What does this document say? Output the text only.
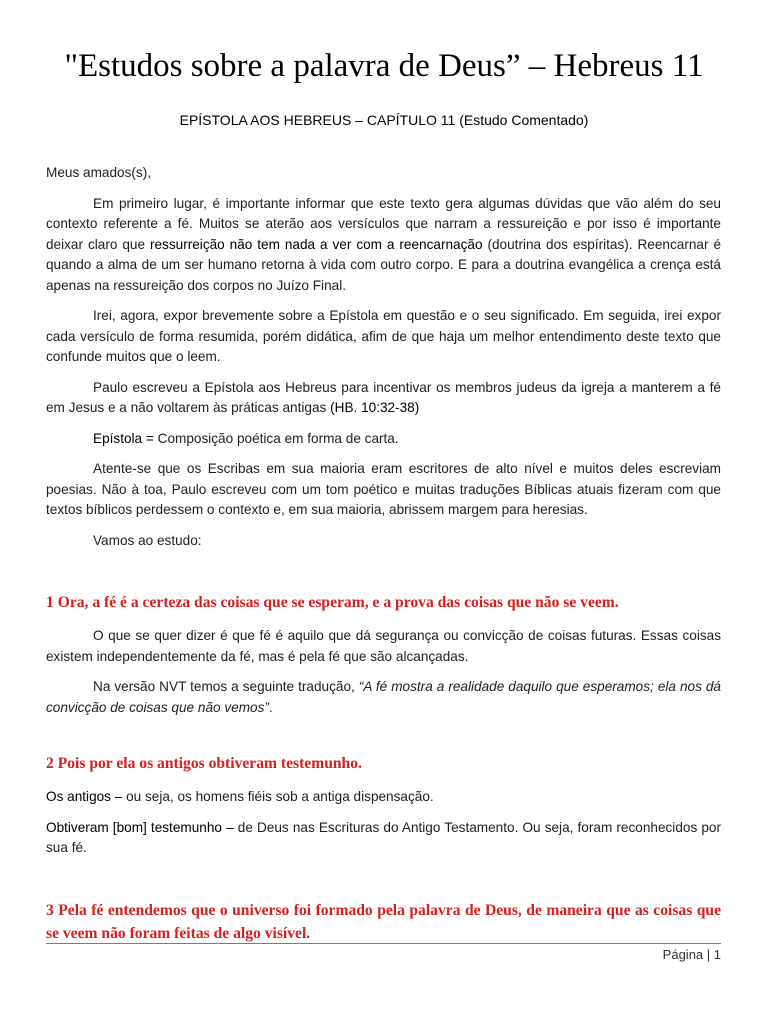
"Estudos sobre a palavra de Deus” – Hebreus 11
EPÍSTOLA AOS HEBREUS – CAPÍTULO 11 (Estudo Comentado)

Meus amados(s),

Em primeiro lugar, é importante informar que este texto gera algumas dúvidas que vão além do seu contexto referente a fé. Muitos se aterão aos versículos que narram a ressureição e por isso é importante deixar claro que ressurreição não tem nada a ver com a reencarnação (doutrina dos espíritas). Reencarnar é quando a alma de um ser humano retorna à vida com outro corpo. E para a doutrina evangélica a crença está apenas na ressureição dos corpos no Juízo Final.

Irei, agora, expor brevemente sobre a Epístola em questão e o seu significado. Em seguida, irei expor cada versículo de forma resumida, porém didática, afim de que haja um melhor entendimento deste texto que confunde muitos que o leem.

Paulo escreveu a Epístola aos Hebreus para incentivar os membros judeus da igreja a manterem a fé em Jesus e a não voltarem às práticas antigas (HB. 10:32-38)

Epístola = Composição poética em forma de carta.

Atente-se que os Escribas em sua maioria eram escritores de alto nível e muitos deles escreviam poesias. Não à toa, Paulo escreveu com um tom poético e muitas traduções Bíblicas atuais fizeram com que textos bíblicos perdessem o contexto e, em sua maioria, abrissem margem para heresias.

Vamos ao estudo:

1 Ora, a fé é a certeza das coisas que se esperam, e a prova das coisas que não se veem.

O que se quer dizer é que fé é aquilo que dá segurança ou convicção de coisas futuras. Essas coisas existem independentemente da fé, mas é pela fé que são alcançadas.

Na versão NVT temos a seguinte tradução, “A fé mostra a realidade daquilo que esperamos; ela nos dá convicção de coisas que não vemos”.

2 Pois por ela os antigos obtiveram testemunho.

Os antigos – ou seja, os homens fiéis sob a antiga dispensação.

Obtiveram [bom] testemunho – de Deus nas Escrituras do Antigo Testamento. Ou seja, foram reconhecidos por sua fé.

3 Pela fé entendemos que o universo foi formado pela palavra de Deus, de maneira que as coisas que se veem não foram feitas de algo visível.
Página | 1
